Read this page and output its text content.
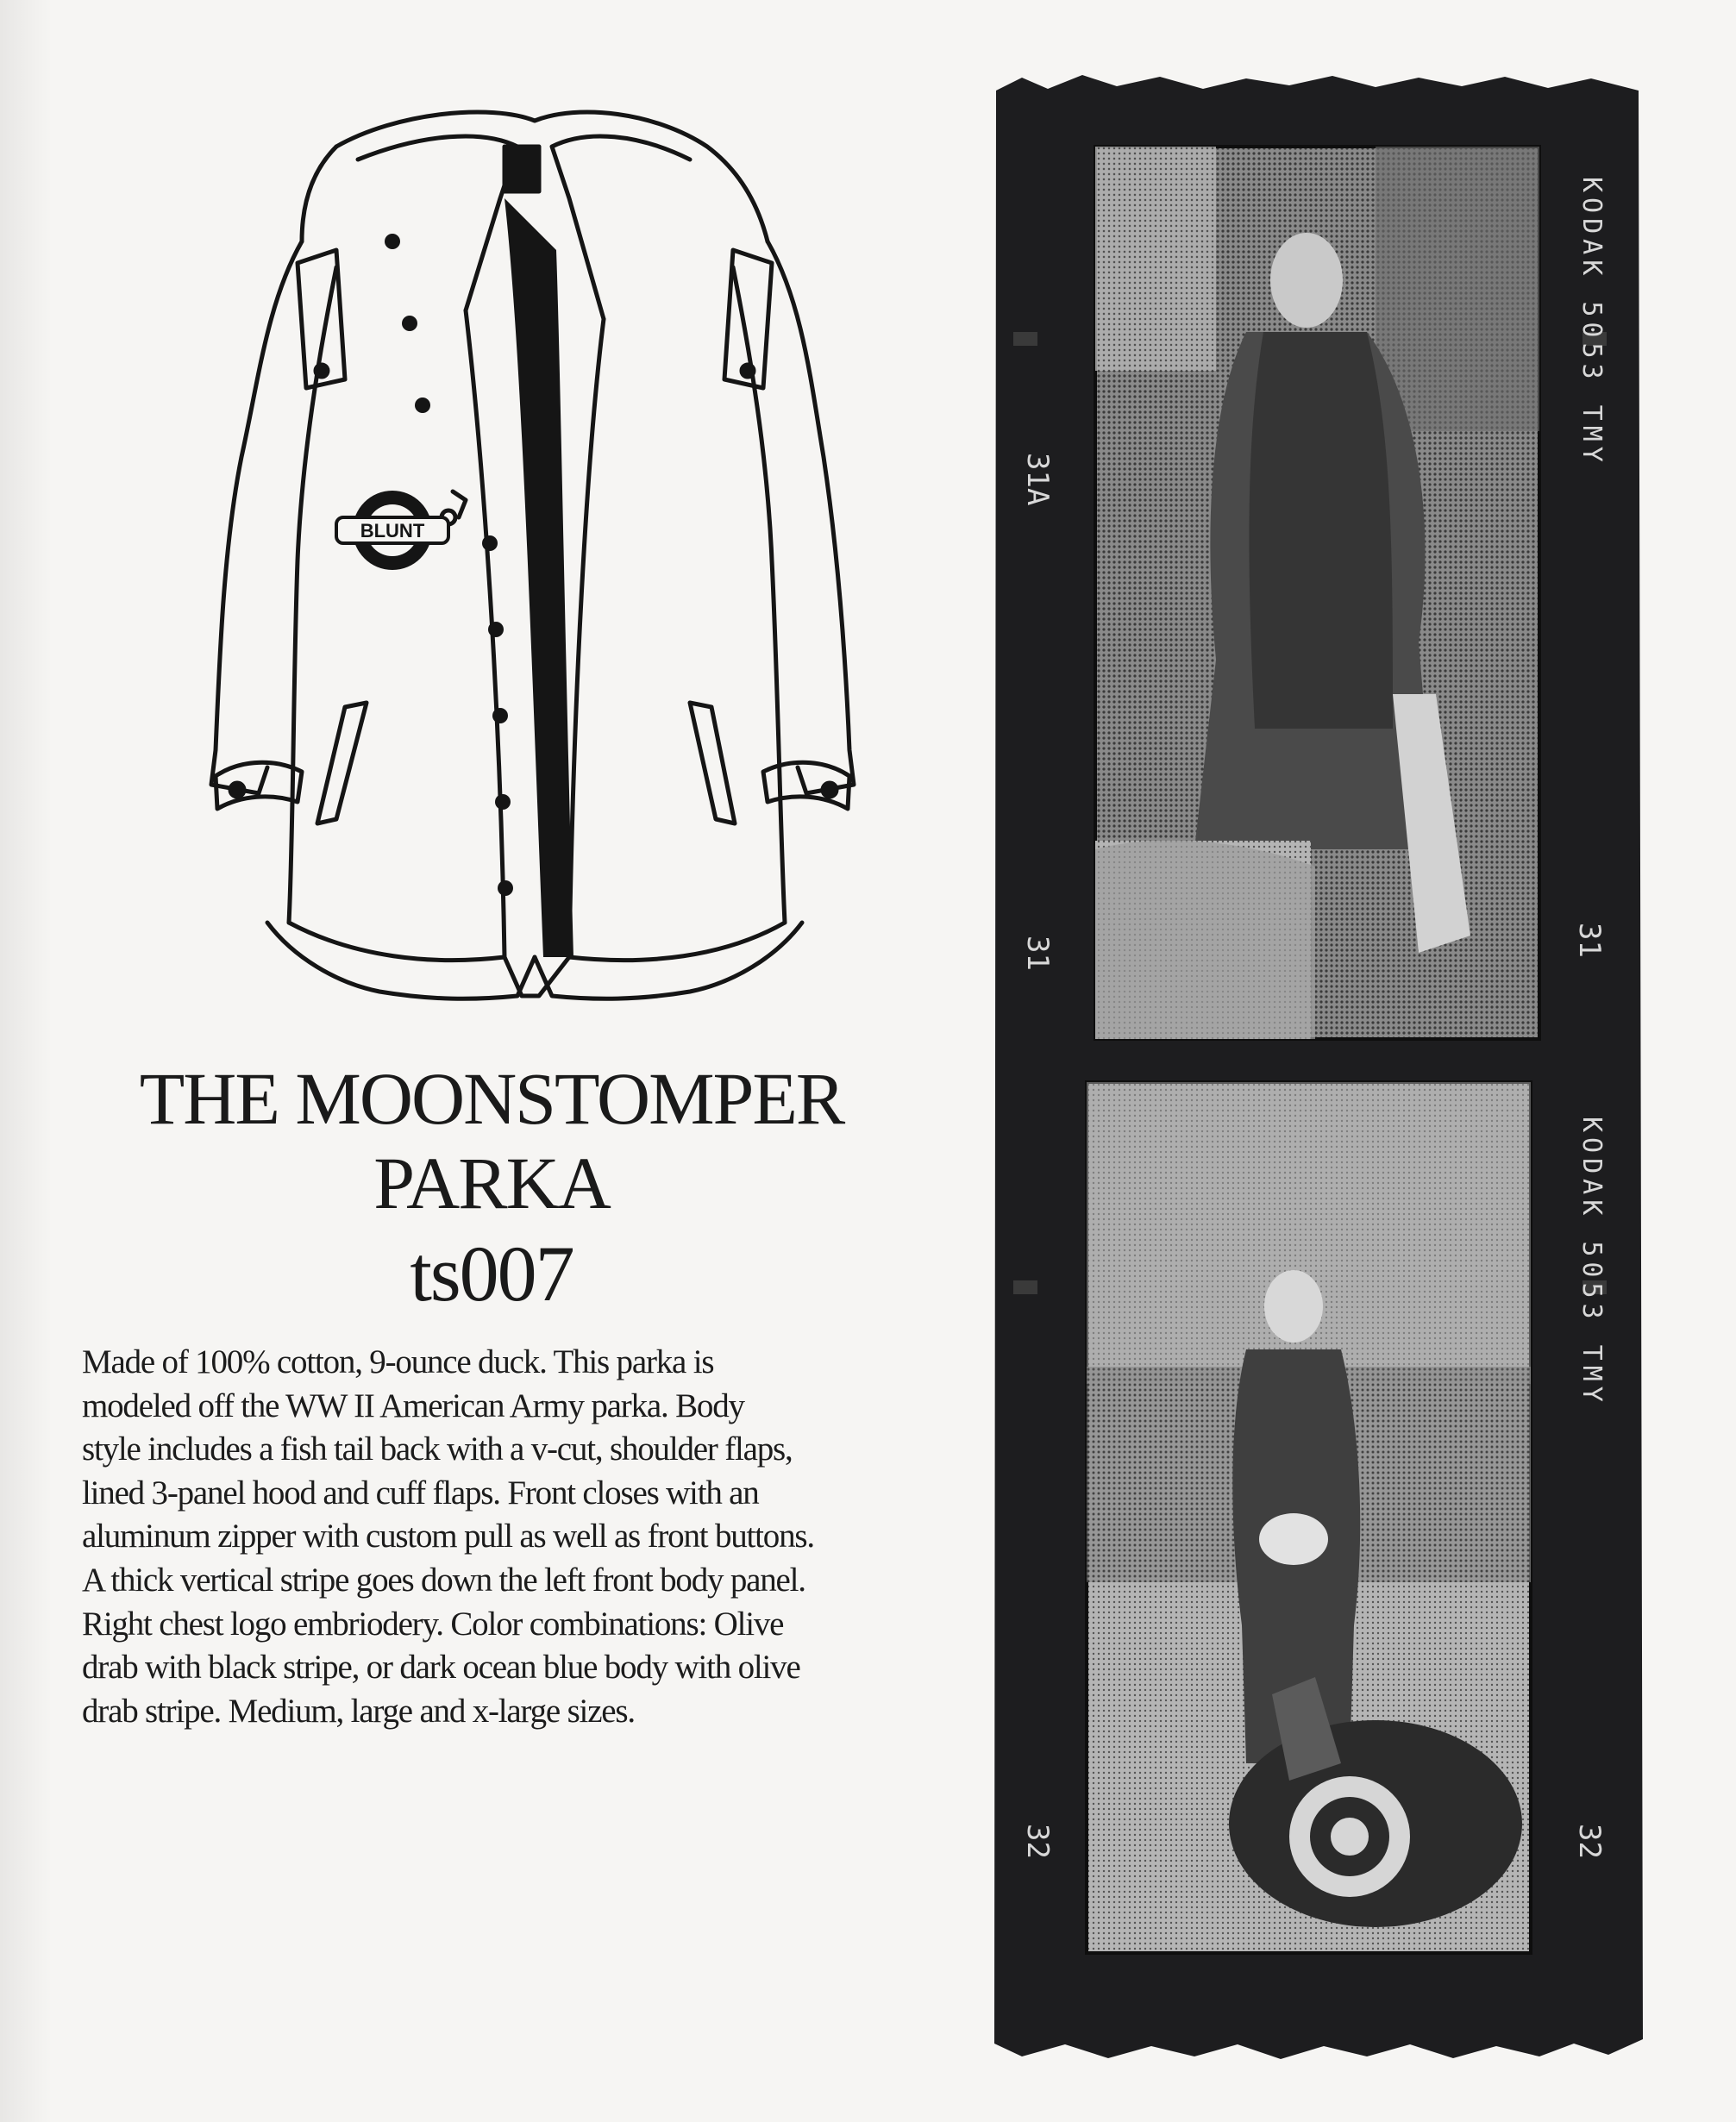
BLUNT
THE MOONSTOMPER
PARKA
ts007

Made of 100% cotton, 9-ounce duck. This parka is
modeled off the WW II American Army parka. Body
style includes a fish tail back with a v-cut, shoulder flaps,
lined 3-panel hood and cuff flaps. Front closes with an
aluminum zipper with custom pull as well as front buttons.
A thick vertical stripe goes down the left front body panel.
Right chest logo embriodery. Color combinations: Olive
drab with black stripe, or dark ocean blue body with olive
drab stripe. Medium, large and x-large sizes.

KODAK 5053 TMY
KODAK 5053 TMY
31	31
31A
32	32
